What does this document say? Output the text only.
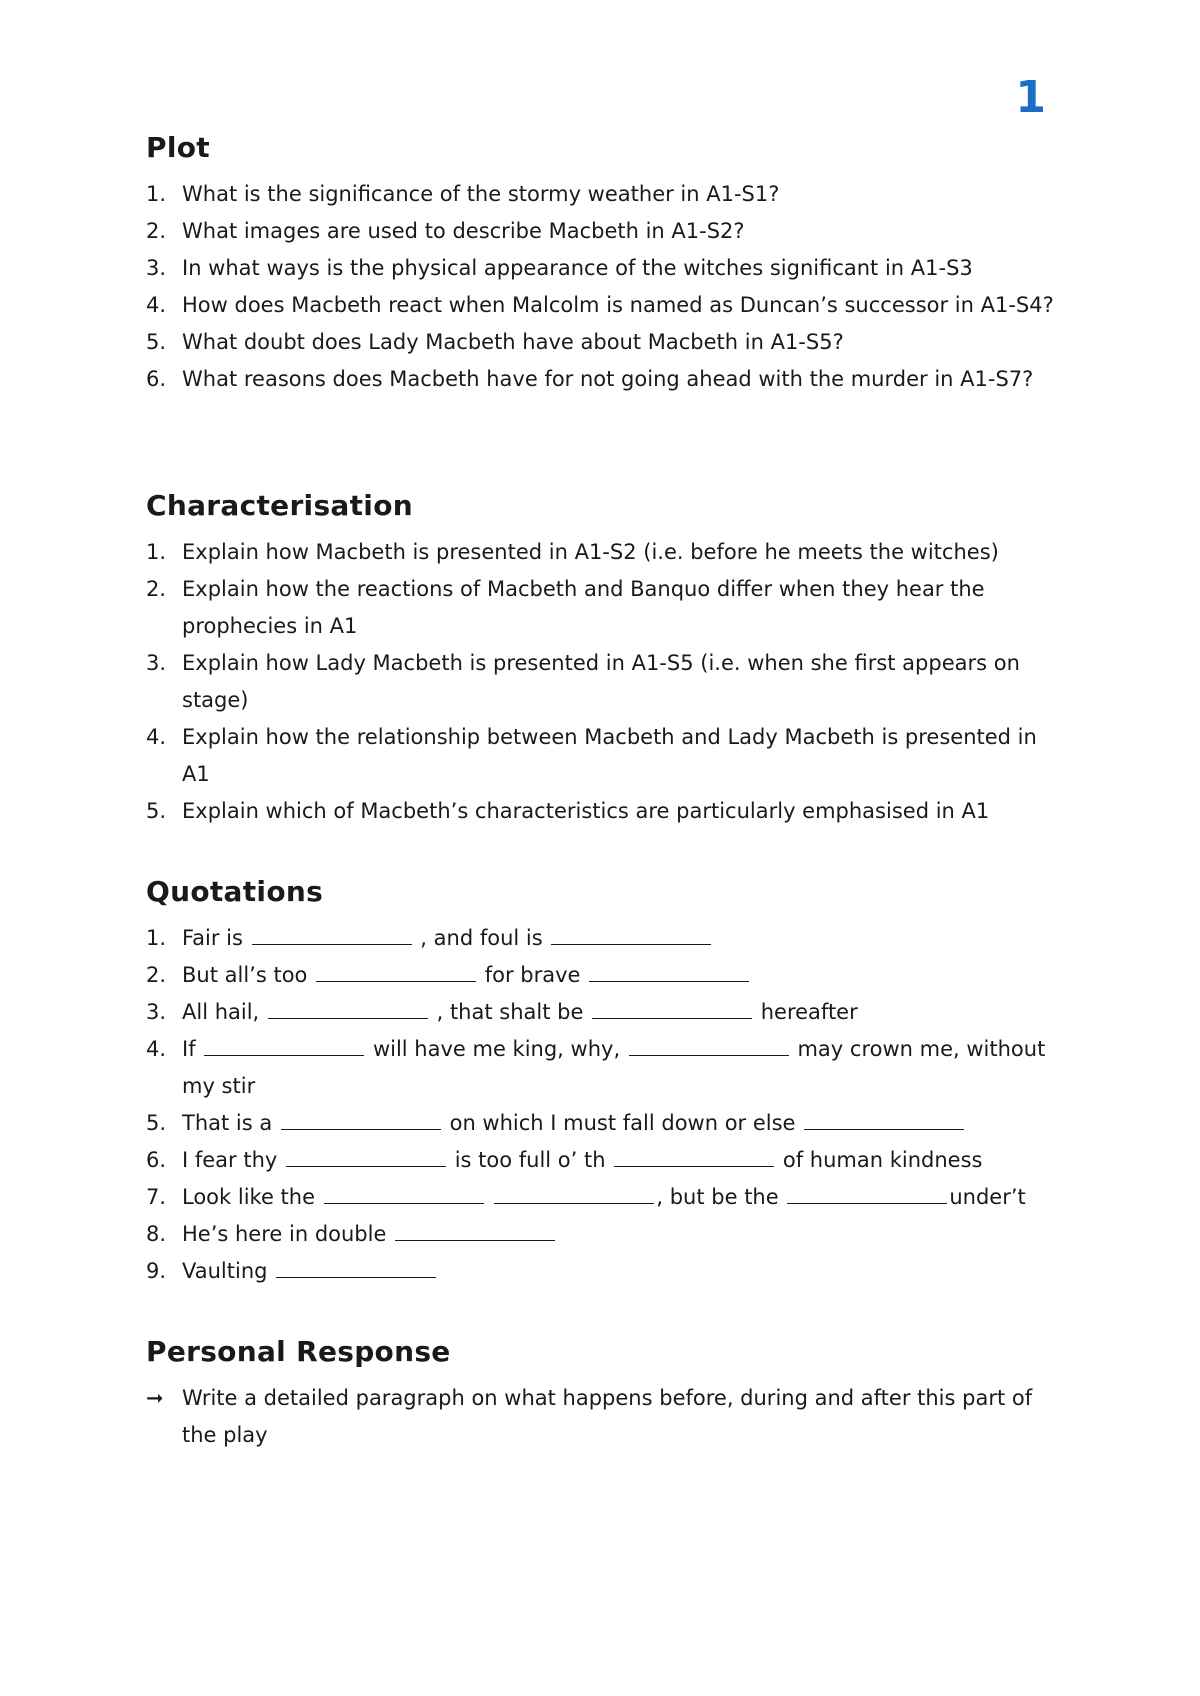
1
Plot
1. What is the significance of the stormy weather in A1-S1?
2. What images are used to describe Macbeth in A1-S2?
3. In what ways is the physical appearance of the witches significant in A1-S3
4. How does Macbeth react when Malcolm is named as Duncan’s successor in A1-S4?
5. What doubt does Lady Macbeth have about Macbeth in A1-S5?
6. What reasons does Macbeth have for not going ahead with the murder in A1-S7?
Characterisation
1. Explain how Macbeth is presented in A1-S2 (i.e. before he meets the witches)
2. Explain how the reactions of Macbeth and Banquo differ when they hear the prophecies in A1
3. Explain how Lady Macbeth is presented in A1-S5 (i.e. when she first appears on stage)
4. Explain how the relationship between Macbeth and Lady Macbeth is presented in A1
5. Explain which of Macbeth’s characteristics are particularly emphasised in A1
Quotations
1. Fair is	, and foul is
2. But all’s too	for brave
3. All hail,	, that shalt be	hereafter
4. If	will have me king, why,	may crown me, without my stir
5. That is a	on which I must fall down or else
6. I fear thy	is too full o’ th	of human kindness
7. Look like the	, but be the	under’t
8. He’s here in double
9. Vaulting
Personal Response
➞ Write a detailed paragraph on what happens before, during and after this part of the play
